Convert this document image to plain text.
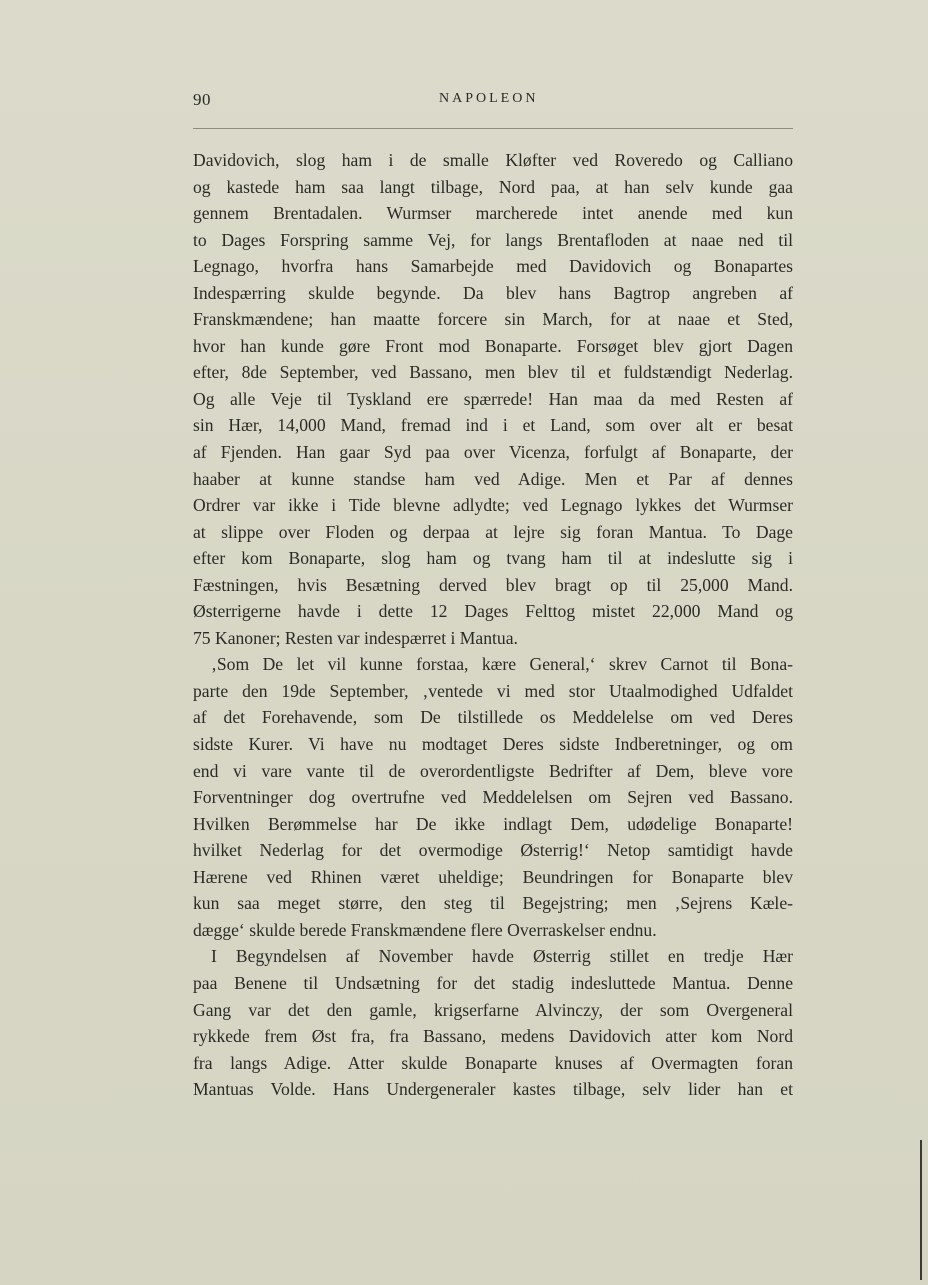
90	NAPOLEON
Davidovich, slog ham i de smalle Kløfter ved Roveredo og Calliano
og kastede ham saa langt tilbage, Nord paa, at han selv kunde gaa
gennem Brentadalen. Wurmser marcherede intet anende med kun
to Dages Forspring samme Vej, for langs Brentafloden at naae ned til
Legnago, hvorfra hans Samarbejde med Davidovich og Bonapartes
Indespærring skulde begynde. Da blev hans Bagtrop angreben af
Franskmændene; han maatte forcere sin March, for at naae et Sted,
hvor han kunde gøre Front mod Bonaparte. Forsøget blev gjort Dagen
efter, 8de September, ved Bassano, men blev til et fuldstændigt Nederlag.
Og alle Veje til Tyskland ere spærrede! Han maa da med Resten af
sin Hær, 14,000 Mand, fremad ind i et Land, som over alt er besat
af Fjenden. Han gaar Syd paa over Vicenza, forfulgt af Bonaparte, der
haaber at kunne standse ham ved Adige. Men et Par af dennes
Ordrer var ikke i Tide blevne adlydte; ved Legnago lykkes det Wurmser
at slippe over Floden og derpaa at lejre sig foran Mantua. To Dage
efter kom Bonaparte, slog ham og tvang ham til at indeslutte sig i
Fæstningen, hvis Besætning derved blev bragt op til 25,000 Mand.
Østerrigerne havde i dette 12 Dages Felttog mistet 22,000 Mand og
75 Kanoner; Resten var indespærret i Mantua.
‚Som De let vil kunne forstaa, kære General,‘ skrev Carnot til Bona-
parte den 19de September, ‚ventede vi med stor Utaalmodighed Udfaldet
af det Forehavende, som De tilstillede os Meddelelse om ved Deres
sidste Kurer. Vi have nu modtaget Deres sidste Indberetninger, og om
end vi vare vante til de overordentligste Bedrifter af Dem, bleve vore
Forventninger dog overtrufne ved Meddelelsen om Sejren ved Bassano.
Hvilken Berømmelse har De ikke indlagt Dem, udødelige Bonaparte!
hvilket Nederlag for det overmodige Østerrig!‘ Netop samtidigt havde
Hærene ved Rhinen været uheldige; Beundringen for Bonaparte blev
kun saa meget større, den steg til Begejstring; men ‚Sejrens Kæle-
dægge‘ skulde berede Franskmændene flere Overraskelser endnu.
I Begyndelsen af November havde Østerrig stillet en tredje Hær
paa Benene til Undsætning for det stadig indesluttede Mantua. Denne
Gang var det den gamle, krigserfarne Alvinczy, der som Overgeneral
rykkede frem Øst fra, fra Bassano, medens Davidovich atter kom Nord
fra langs Adige. Atter skulde Bonaparte knuses af Overmagten foran
Mantuas Volde. Hans Undergeneraler kastes tilbage, selv lider han et
